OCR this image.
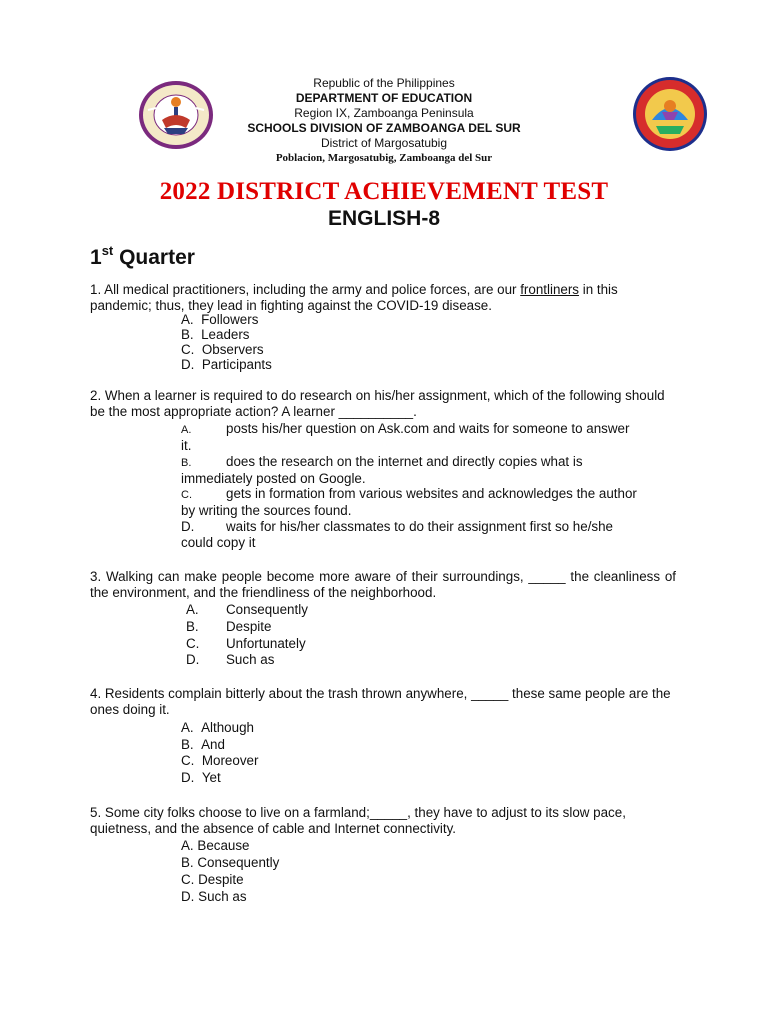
Republic of the Philippines
DEPARTMENT OF EDUCATION
Region IX, Zamboanga Peninsula
SCHOOLS DIVISION OF ZAMBOANGA DEL SUR
District of Margosatubig
Poblacion, Margosatubig, Zamboanga del Sur
2022 DISTRICT ACHIEVEMENT TEST
ENGLISH-8
1st Quarter
1. All medical practitioners, including the army and police forces, are our frontliners in this pandemic; thus, they lead in fighting against the COVID-19 disease.
A. Followers
B. Leaders
C. Observers
D. Participants
2. When a learner is required to do research on his/her assignment, which of the following should be the most appropriate action? A learner __________.
A.	posts his/her question on Ask.com and waits for someone to answer it.
B.	does the research on the internet and directly copies what is immediately posted on Google.
C.	gets in formation from various websites and acknowledges the author by writing the sources found.
D. waits for his/her classmates to do their assignment first so he/she could copy it
3. Walking can make people become more aware of their surroundings, _____ the cleanliness of the environment, and the friendliness of the neighborhood.
A. Consequently
B. Despite
C. Unfortunately
D. Such as
4. Residents complain bitterly about the trash thrown anywhere, _____ these same people are the ones doing it.
A. Although
B. And
C. Moreover
D. Yet
5. Some city folks choose to live on a farmland;_____, they have to adjust to its slow pace, quietness, and the absence of cable and Internet connectivity.
A. Because
B. Consequently
C. Despite
D. Such as
